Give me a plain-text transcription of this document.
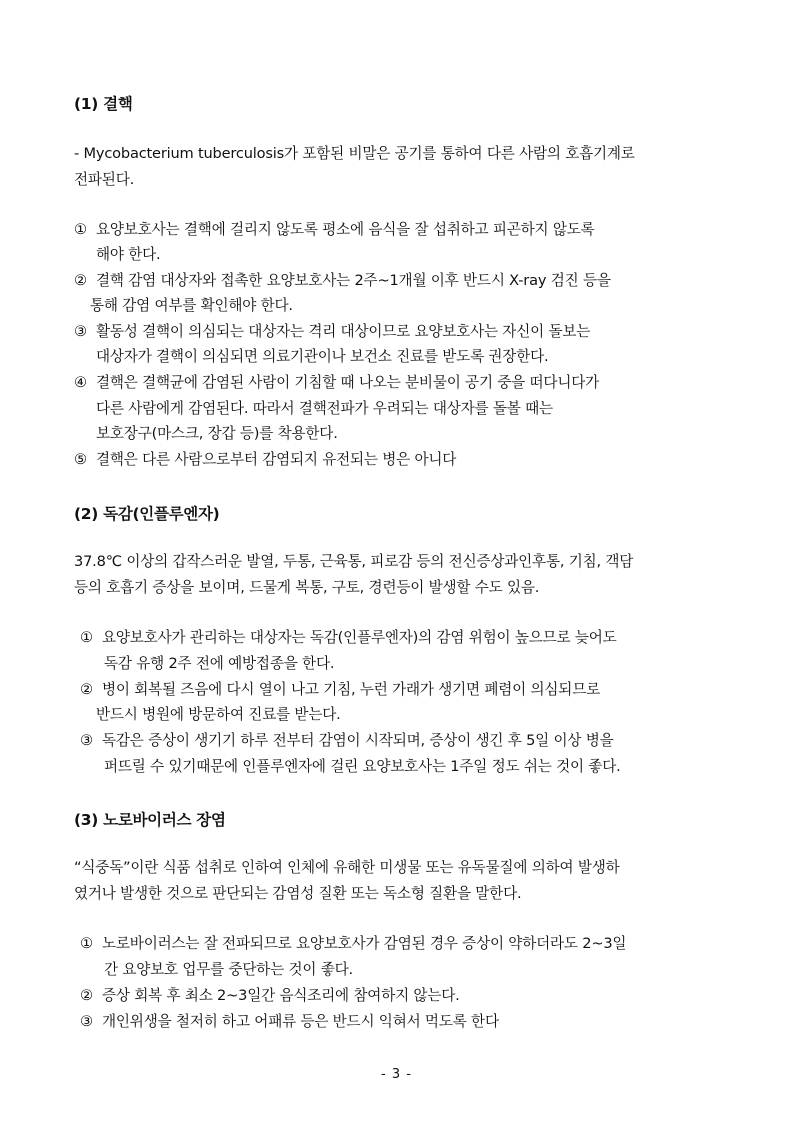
(1) 결핵
- Mycobacterium tuberculosis가 포함된 비말은 공기를 통하여 다른 사람의 호흡기계로
전파된다.
① 요양보호사는 결핵에 걸리지 않도록 평소에 음식을 잘 섭취하고 피곤하지 않도록
해야 한다.
② 결핵 감염 대상자와 접촉한 요양보호사는 2주~1개월 이후 반드시 X-ray 검진 등을
통해 감염 여부를 확인해야 한다.
③ 활동성 결핵이 의심되는 대상자는 격리 대상이므로 요양보호사는 자신이 돌보는
대상자가 결핵이 의심되면 의료기관이나 보건소 진료를 받도록 권장한다.
④ 결핵은 결핵균에 감염된 사람이 기침할 때 나오는 분비물이 공기 중을 떠다니다가
다른 사람에게 감염된다. 따라서 결핵전파가 우려되는 대상자를 돌볼 때는
보호장구(마스크, 장갑 등)를 착용한다.
⑤ 결핵은 다른 사람으로부터 감염되지 유전되는 병은 아니다
(2) 독감(인플루엔자)
37.8℃ 이상의 갑작스러운 발열, 두통, 근육통, 피로감 등의 전신증상과인후통, 기침, 객담
등의 호흡기 증상을 보이며, 드물게 복통, 구토, 경련등이 발생할 수도 있음.
① 요양보호사가 관리하는 대상자는 독감(인플루엔자)의 감염 위험이 높으므로 늦어도
독감 유행 2주 전에 예방접종을 한다.
② 병이 회복될 즈음에 다시 열이 나고 기침, 누런 가래가 생기면 폐렴이 의심되므로
반드시 병원에 방문하여 진료를 받는다.
③ 독감은 증상이 생기기 하루 전부터 감염이 시작되며, 증상이 생긴 후 5일 이상 병을
퍼뜨릴 수 있기때문에 인플루엔자에 걸린 요양보호사는 1주일 정도 쉬는 것이 좋다.
(3) 노로바이러스 장염
“식중독”이란 식품 섭취로 인하여 인체에 유해한 미생물 또는 유독물질에 의하여 발생하
였거나 발생한 것으로 판단되는 감염성 질환 또는 독소형 질환을 말한다.
① 노로바이러스는 잘 전파되므로 요양보호사가 감염된 경우 증상이 약하더라도 2~3일
간 요양보호 업무를 중단하는 것이 좋다.
② 증상 회복 후 최소 2~3일간 음식조리에 참여하지 않는다.
③ 개인위생을 철저히 하고 어패류 등은 반드시 익혀서 먹도록 한다
- 3 -
